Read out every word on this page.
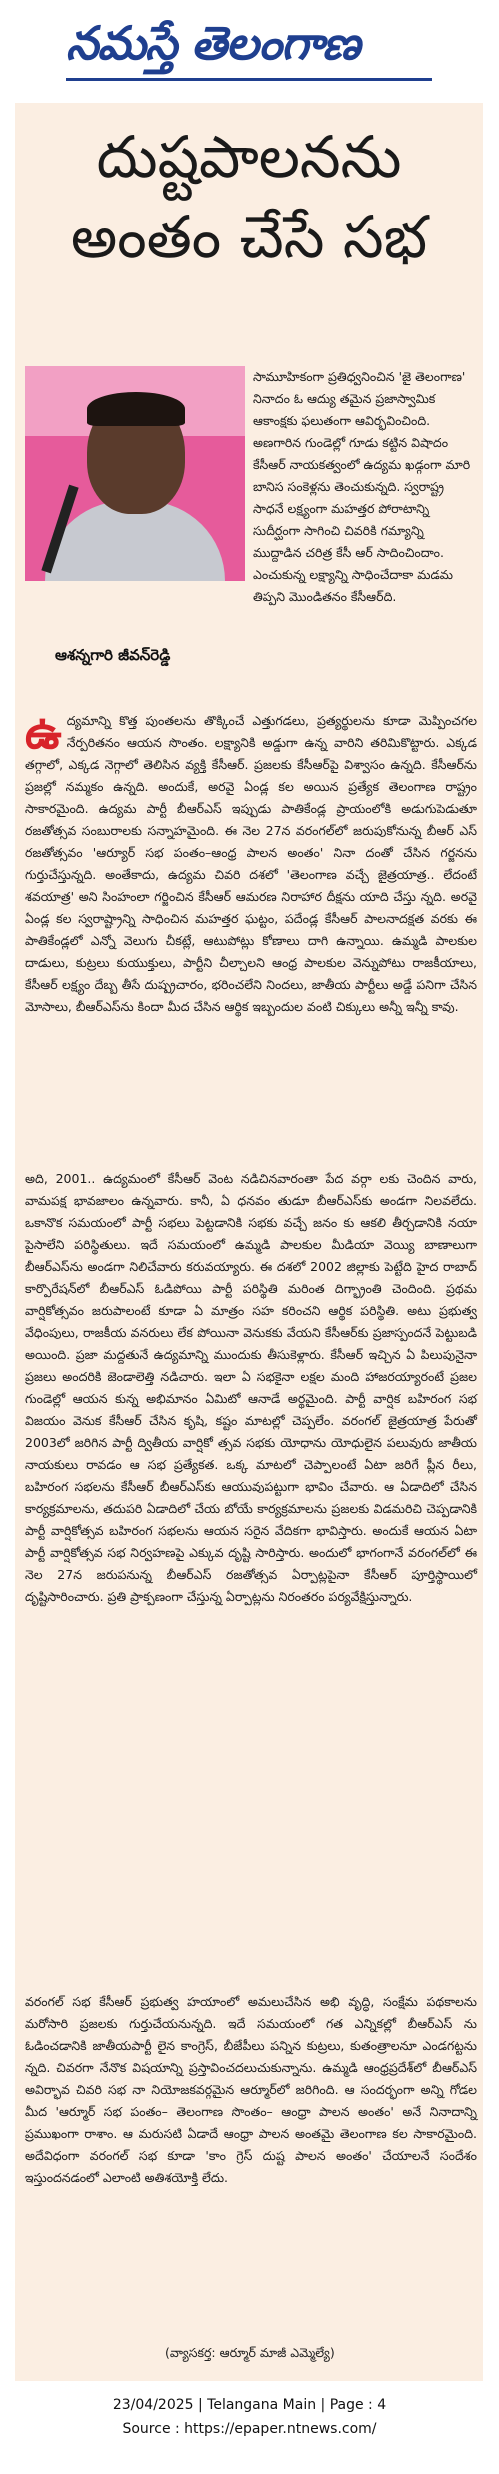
నమస్తే తెలంగాణ
దుష్టపాలనను
అంతం చేసే సభ
సామూహికంగా ప్రతిధ్వనించిన 'జై తెలంగాణ' నినాదం ఓ ఆద్యు తమైన ప్రజాస్వామిక ఆకాంక్షకు ఫలుతంగా ఆవిర్భవించింది. అణగారిన గుండెల్లో గూడు కట్టిన విషాదం కేసీఆర్ నాయకత్వంలో ఉద్యమ ఖడ్గంగా మారి బానిస సంకెళ్లను తెంచుకున్నది. స్వరాష్ట్ర సాధనే లక్ష్యంగా మహత్తర పోరాటాన్ని సుదీర్ఘంగా సాగించి చివరికి గమ్యాన్ని ముద్దాడిన చరిత్ర కేసీ ఆర్ సాదించిందాం. ఎంచుకున్న లక్ష్యాన్ని సాధించేదాకా మడమ తిప్పని మొండితనం కేసీఆర్‌ది.
ఆశన్నగారి జీవన్‌రెడ్డి
ఉ ద్యమాన్ని కొత్త పుంతలను తొక్కించే ఎత్తుగడలు, ప్రత్యర్థులను కూడా మెప్పించగల నేర్పరితనం ఆయన సొంతం. లక్ష్యానికి అడ్డుగా ఉన్న వారిని తరిమికొట్టారు. ఎక్కడ తగ్గాలో, ఎక్కడ నెగ్గాలో తెలిసిన వ్యక్తి కేసీఆర్. ప్రజలకు కేసీఆర్‌పై విశ్వాసం ఉన్నది. కేసీఆర్‌ను ప్రజల్లో నమ్మకం ఉన్నది. అందుకే, అరవై ఏండ్ల కల అయిన ప్రత్యేక తెలంగాణ రాష్ట్రం సాకారమైంది. ఉద్యమ పార్టీ బీఆర్ఎస్ ఇప్పుడు పాతికేండ్ల ప్రాయంలోకి అడుగుపెడుతూ రజతోత్సవ సంబురాలకు సన్నాహమైంది. ఈ నెల 27న వరంగల్‌లో జరుపుకోనున్న బీఆర్ ఎస్ రజతోత్సవం 'ఆర్యూర్ సభ పంతం–ఆంధ్ర పాలన అంతం' నినా దంతో చేసిన గర్జనను గుర్తుచేస్తున్నది. అంతేకాదు, ఉద్యమ చివరి దశలో 'తెలంగాణ వచ్చే జైత్రయాత్ర.. లేదంటే శవయాత్ర' అని సింహంలా గర్జించిన కేసీఆర్ ఆమరణ నిరాహార దీక్షను యాది చేస్తు న్నది. అరవై ఏండ్ల కల స్వరాష్ట్రాన్ని సాధించిన మహత్తర ఘట్టం, పదేండ్ల కేసీఆర్ పాలనాదక్షత వరకు ఈ పాతికేండ్లలో ఎన్నో వెలుగు చీకట్లే, ఆటుపోట్లు కోణాలు దాగి ఉన్నాయి. ఉమ్మడి పాలకుల దాడులు, కుట్రలు కుయుక్తులు, పార్టీని చీల్చాలని ఆంధ్ర పాలకుల వెన్నుపోటు రాజకీయాలు, కేసీఆర్ లక్ష్యం దేబ్బ తీసే దుష్ప్రచారం, భరించలేని నిందలు, జాతీయ పార్టీలు అడ్డే పనిగా చేసిన మోసాలు, బీఆర్ఎస్‌ను కిందా మీద చేసిన ఆర్థిక ఇబ్బందుల వంటి చిక్కులు అన్నీ ఇన్నీ కావు.
అది, 2001.. ఉద్యమంలో కేసీఆర్ వెంట నడిచినవారంతా పేద వర్గా లకు చెందిన వారు, వామపక్ష భావజాలం ఉన్నవారు. కానీ, ఏ ధనవం తుడూ బీఆర్ఎస్‌కు అండగా నిలవలేదు. ఒకానొక సమయంలో పార్టీ సభలు పెట్టడానికి సభకు వచ్చే జనం కు ఆకలి తీర్చడానికి నయా పైసాలేని పరిస్థితులు. ఇదే సమయంలో ఉమ్మడి పాలకుల మీడియా వెయ్యి బాణాలుగా బీఆర్ఎస్‌ను అండగా నిలిచేవారు కరువయ్యారు. ఈ దశలో 2002 జిల్లాకు పెట్టేది హైద రాబాద్ కార్పొరేషన్‌లో బీఆర్ఎస్ ఓడిపోయి పార్టీ పరిస్థితి మరింత దిగ్భ్రాంతి చెందింది. ప్రథమ వార్షికోత్సవం జరుపాలంటే కూడా ఏ మాత్రం సహ కరించని ఆర్థిక పరిస్థితి. అటు ప్రభుత్వ వేధింపులు, రాజకీయ వనరులు లేక పోయినా వెనుకకు వేయని కేసీఆర్‌కు ప్రజాస్పందనే పెట్టుబడి అయింది. ప్రజా మద్దతునే ఉద్యమాన్ని ముందుకు తీసుకెళ్లారు. కేసీఆర్ ఇచ్చిన ఏ పిలుపునైనా ప్రజలు అందరికి జెండాలెత్తి నడిచారు. ఇలా ఏ సభకైనా లక్షల మంది హాజరయ్యారంటే ప్రజల గుండెల్లో ఆయన కున్న అభిమానం ఏమిటో ఆనాడే అర్థమైంది. పార్టీ వార్షిక బహిరంగ సభ విజయం వెనుక కేసీఆర్ చేసిన కృషి, కష్టం మాటల్లో చెప్పలేం. వరంగల్ జైత్రయాత్ర పేరుతో 2003లో జరిగిన పార్టీ ద్వితీయ వార్షికో త్సవ సభకు యోధాను యోధులైన పలువురు జాతీయ నాయకులు రావడం ఆ సభ ప్రత్యేకత. ఒక్క మాటలో చెప్పాలంటే ఏటా జరిగే ప్లీన రీలు, బహిరంగ సభలను కేసీఆర్ బీఆర్ఎస్‌కు ఆయువుపట్టుగా భావిం చేవారు. ఆ ఏడాదిలో చేసిన కార్యక్రమాలను, తదుపరి ఏడాదిలో చేయ బోయే కార్యక్రమాలను ప్రజలకు విడమరిచి చెప్పడానికి పార్టీ వార్షికోత్సవ బహిరంగ సభలను ఆయన సరైన వేదికగా భావిస్తారు. అందుకే ఆయన ఏటా పార్టీ వార్షికోత్సవ సభ నిర్వహణపై ఎక్కువ దృష్టి సారిస్తారు. అందులో భాగంగానే వరంగల్‌లో ఈ నెల 27న జరుపనున్న బీఆర్ఎస్ రజతోత్సవ ఏర్పాట్లపైనా కేసీఆర్ పూర్తిస్థాయిలో దృష్టిసారించారు. ప్రతి ప్రాక్పణంగా చేస్తున్న ఏర్పాట్లను నిరంతరం పర్యవేక్షిస్తున్నారు.
వరంగల్ సభ కేసీఆర్ ప్రభుత్వ హయాంలో అమలుచేసిన అభి వృద్ధి, సంక్షేమ పథకాలను మరోసారి ప్రజలకు గుర్తుచేయనున్నది. ఇదే సమయంలో గత ఎన్నికల్లో బీఆర్ఎస్ ను ఓడించడానికి జాతీయపార్టీ లైన కాంగ్రెస్, బీజేపీలు పన్నిన కుట్రలు, కుతంత్రాలనూ ఎండగట్టను న్నది. చివరగా నేనొక విషయాన్ని ప్రస్తావించదలుచుకున్నాను. ఉమ్మడి ఆంధ్రప్రదేశ్‌లో బీఆర్ఎస్ అవిర్భావ చివరి సభ నా నియోజకవర్గమైన ఆర్మూర్‌లో జరిగింది. ఆ సందర్భంగా అన్ని గోడల మీద 'ఆర్మూర్ సభ పంతం– తెలంగాణ సొంతం– ఆంధ్రా పాలన అంతం' అనే నినాదాన్ని ప్రముఖంగా రాశాం. ఆ మరుసటి ఏడాదే ఆంధ్రా పాలన అంతమై తెలంగాణ కల సాకారమైంది. అదేవిధంగా వరంగల్ సభ కూడా 'కాం గ్రెస్ దుష్ట పాలన అంతం' చేయాలనే సందేశం ఇస్తుందనడంలో ఎలాంటి అతిశయోక్తి లేదు.
(వ్యాసకర్త: ఆర్మూర్ మాజీ ఎమ్మెల్యే)
23/04/2025 | Telangana Main | Page : 4
Source : https://epaper.ntnews.com/
